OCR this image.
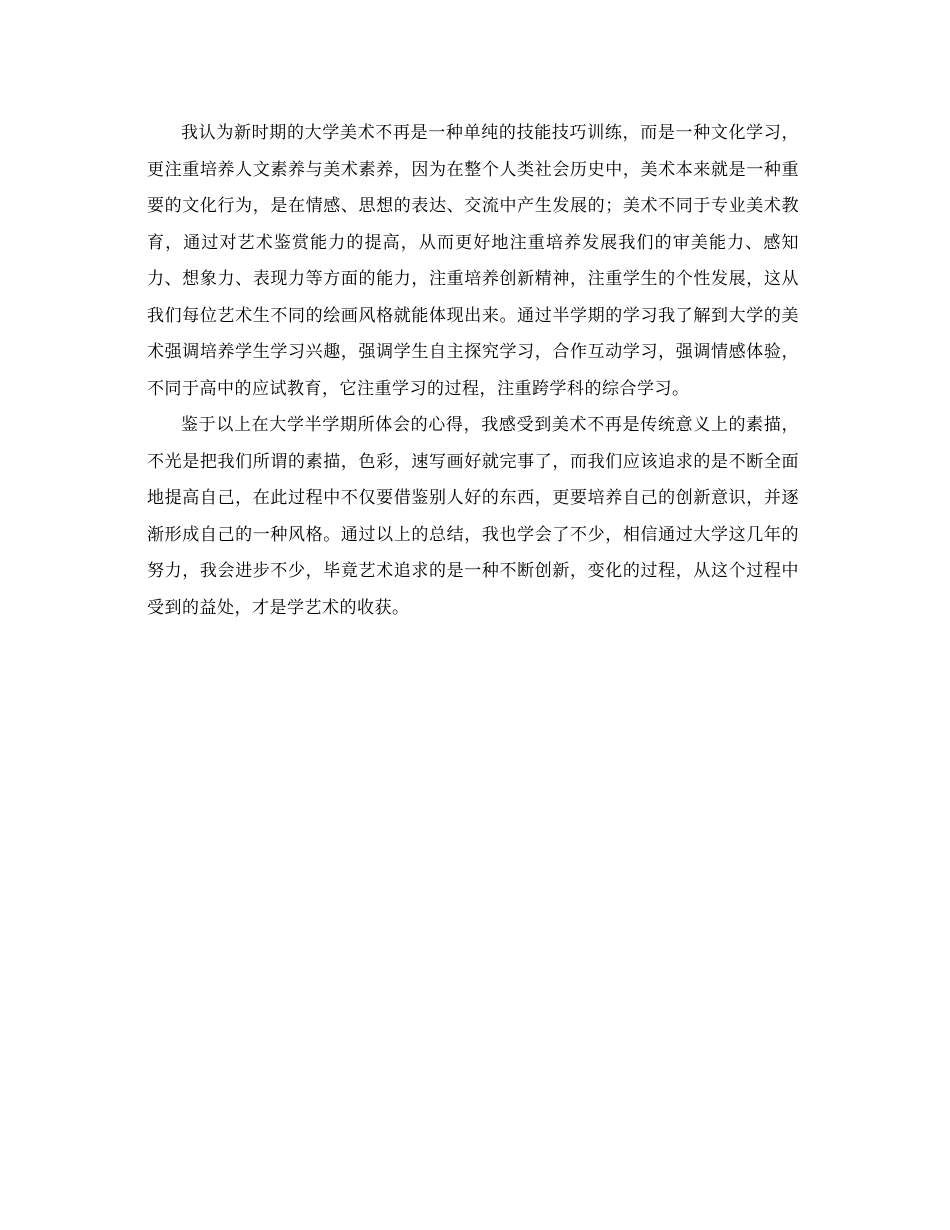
我认为新时期的大学美术不再是一种单纯的技能技巧训练，而是一种文化学习，更注重培养人文素养与美术素养，因为在整个人类社会历史中，美术本来就是一种重要的文化行为，是在情感、思想的表达、交流中产生发展的；美术不同于专业美术教育，通过对艺术鉴赏能力的提高，从而更好地注重培养发展我们的审美能力、感知力、想象力、表现力等方面的能力，注重培养创新精神，注重学生的个性发展，这从我们每位艺术生不同的绘画风格就能体现出来。通过半学期的学习我了解到大学的美术强调培养学生学习兴趣，强调学生自主探究学习，合作互动学习，强调情感体验，不同于高中的应试教育，它注重学习的过程，注重跨学科的综合学习。

鉴于以上在大学半学期所体会的心得，我感受到美术不再是传统意义上的素描，不光是把我们所谓的素描，色彩，速写画好就完事了，而我们应该追求的是不断全面地提高自己，在此过程中不仅要借鉴别人好的东西，更要培养自己的创新意识，并逐渐形成自己的一种风格。通过以上的总结，我也学会了不少，相信通过大学这几年的努力，我会进步不少，毕竟艺术追求的是一种不断创新，变化的过程，从这个过程中受到的益处，才是学艺术的收获。
